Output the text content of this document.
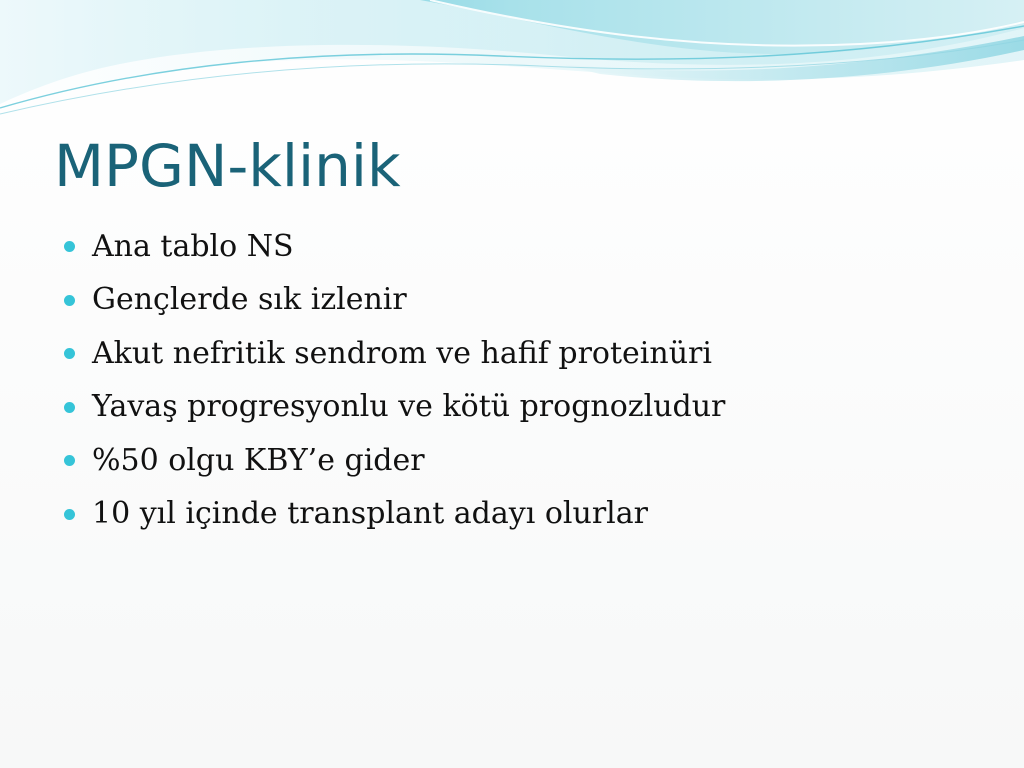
MPGN-klinik
Ana tablo NS
Gençlerde sık izlenir
Akut nefritik sendrom ve hafif proteinüri
Yavaş progresyonlu ve kötü prognozludur
%50 olgu KBY’e gider
10 yıl içinde transplant adayı olurlar
